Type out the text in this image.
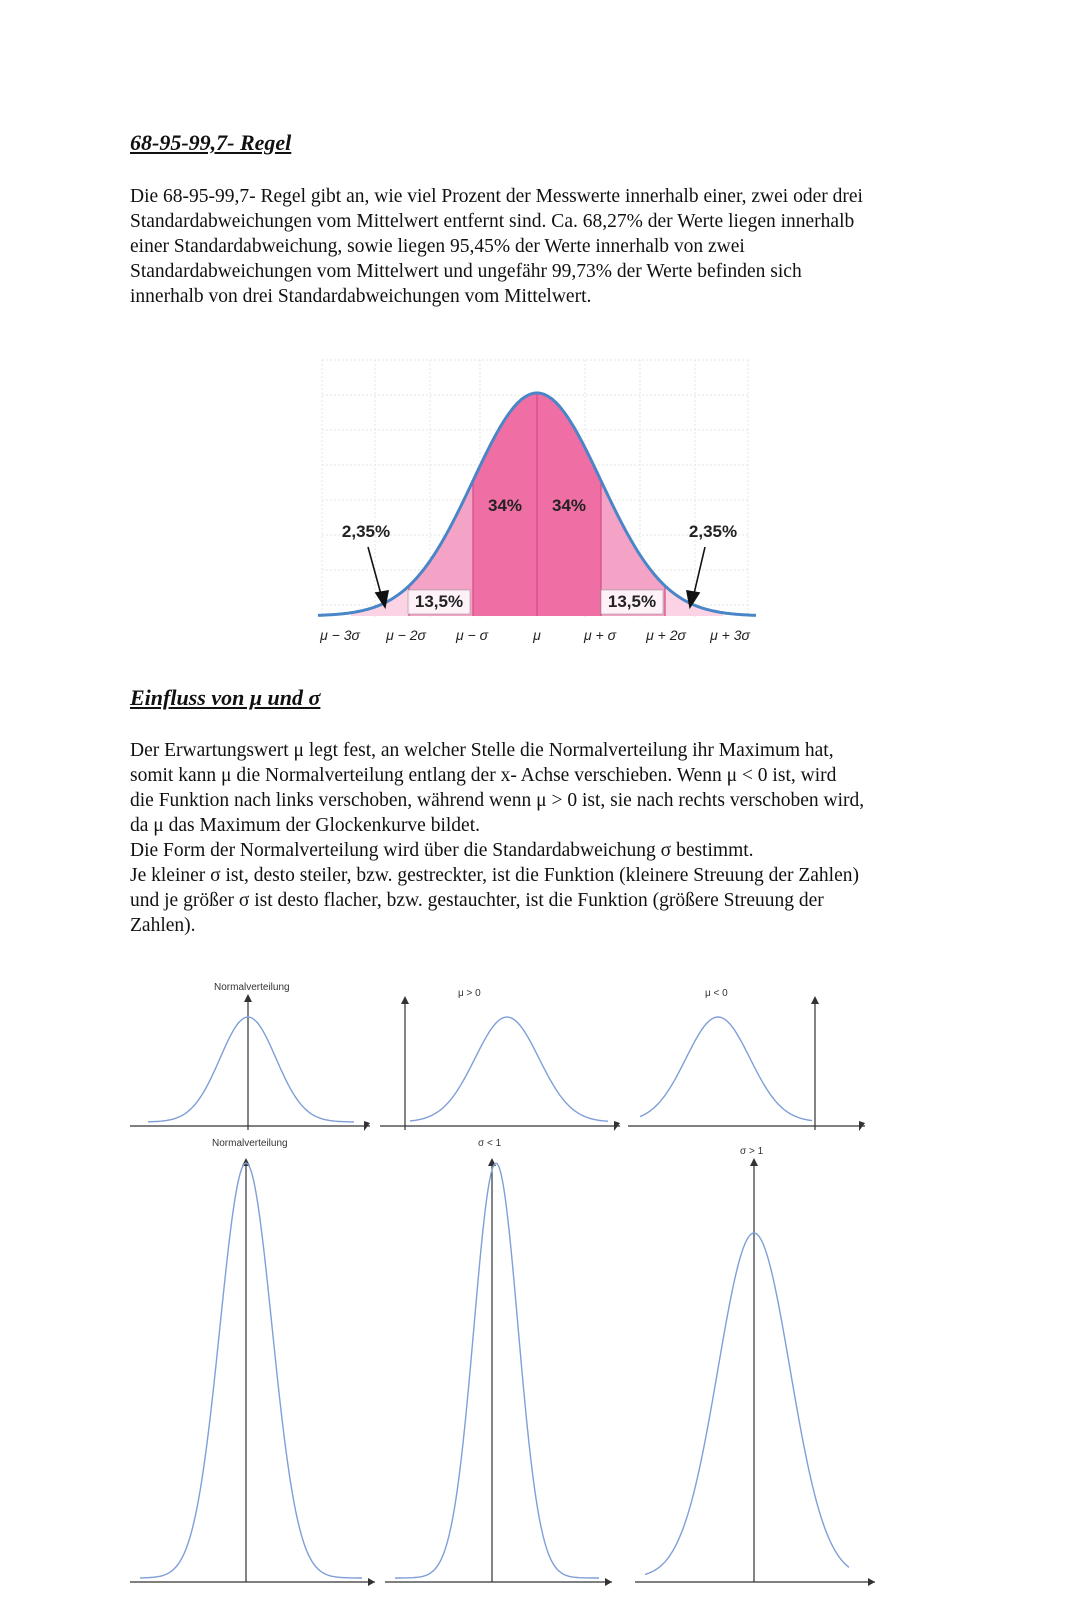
68-95-99,7- Regel
Die 68-95-99,7- Regel gibt an, wie viel Prozent der Messwerte innerhalb einer, zwei oder drei
Standardabweichungen vom Mittelwert entfernt sind. Ca. 68,27% der Werte liegen innerhalb
einer Standardabweichung, sowie liegen 95,45% der Werte innerhalb von zwei
Standardabweichungen vom Mittelwert und ungefähr 99,73% der Werte befinden sich
innerhalb von drei Standardabweichungen vom Mittelwert.
34% 34%
2,35%	2,35%
13,5%	13,5%
μ − 3σ μ − 2σ μ − σ	μ	μ + σ μ + 2σ μ + 3σ
Einfluss von μ und σ
Der Erwartungswert μ legt fest, an welcher Stelle die Normalverteilung ihr Maximum hat,
somit kann μ die Normalverteilung entlang der x- Achse verschieben. Wenn μ < 0 ist, wird
die Funktion nach links verschoben, während wenn μ > 0 ist, sie nach rechts verschoben wird,
da μ das Maximum der Glockenkurve bildet.
Die Form der Normalverteilung wird über die Standardabweichung σ bestimmt.
Je kleiner σ ist, desto steiler, bzw. gestreckter, ist die Funktion (kleinere Streuung der Zahlen)
und je größer σ ist desto flacher, bzw. gestauchter, ist die Funktion (größere Streuung der
Zahlen).
Normalverteilung
μ > 0	μ < 0
Normalverteilung	σ < 1
σ > 1
